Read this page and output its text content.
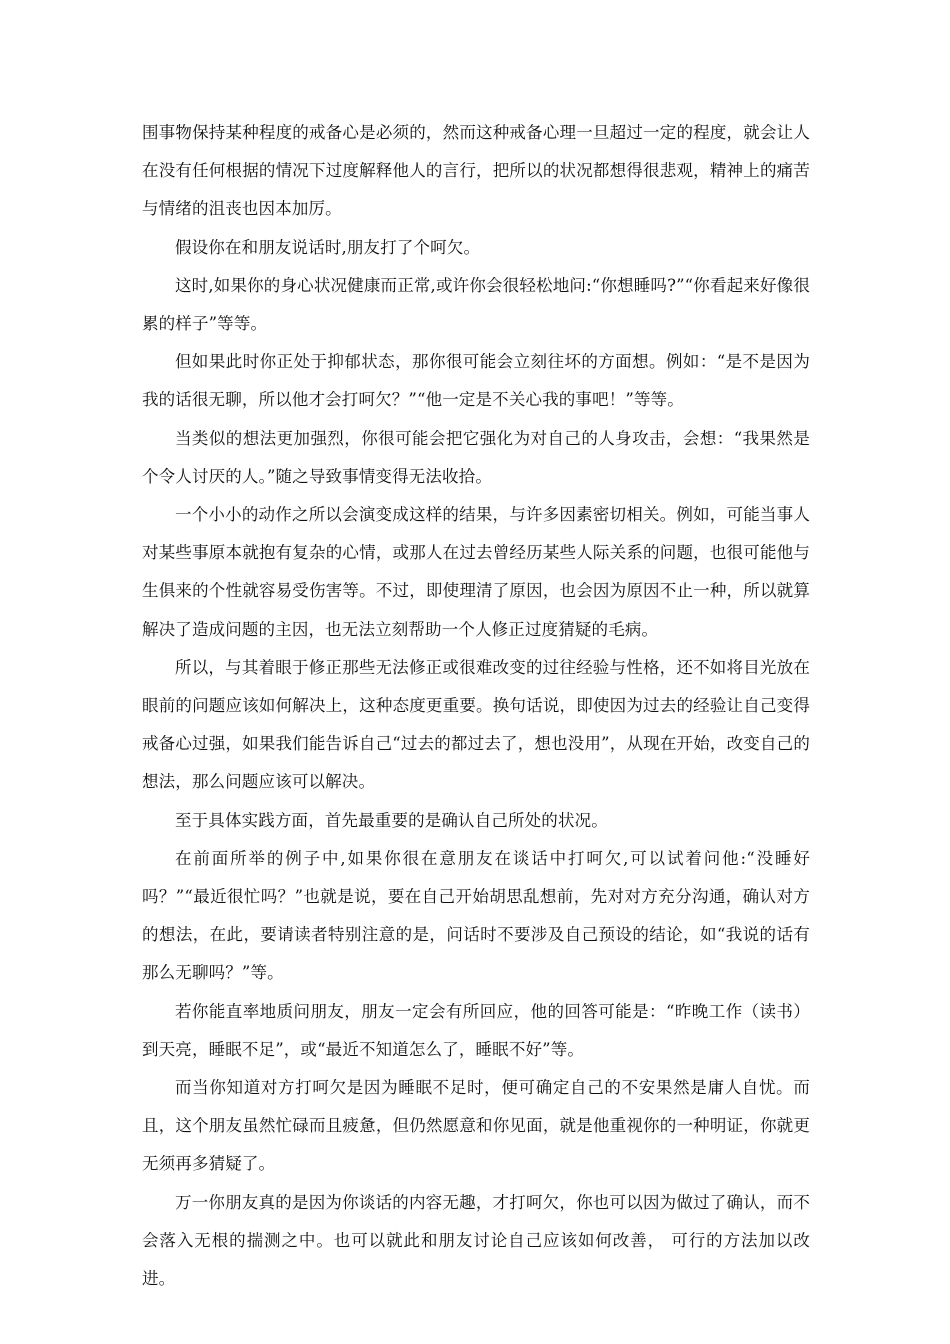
围事物保持某种程度的戒备心是必须的，然而这种戒备心理一旦超过一定的程度，就会让人在没有任何根据的情况下过度解释他人的言行，把所以的状况都想得很悲观，精神上的痛苦与情绪的沮丧也因本加厉。

假设你在和朋友说话时,朋友打了个呵欠。

这时,如果你的身心状况健康而正常,或许你会很轻松地问:“你想睡吗?”“你看起来好像很累的样子”等等。

但如果此时你正处于抑郁状态，那你很可能会立刻往坏的方面想。例如：“是不是因为我的话很无聊，所以他才会打呵欠？”“他一定是不关心我的事吧！”等等。

当类似的想法更加强烈，你很可能会把它强化为对自己的人身攻击，会想：“我果然是个令人讨厌的人。”随之导致事情变得无法收拾。

一个小小的动作之所以会演变成这样的结果，与许多因素密切相关。例如，可能当事人对某些事原本就抱有复杂的心情，或那人在过去曾经历某些人际关系的问题，也很可能他与生俱来的个性就容易受伤害等。不过，即使理清了原因，也会因为原因不止一种，所以就算解决了造成问题的主因，也无法立刻帮助一个人修正过度猜疑的毛病。

所以，与其着眼于修正那些无法修正或很难改变的过往经验与性格，还不如将目光放在眼前的问题应该如何解决上，这种态度更重要。换句话说，即使因为过去的经验让自己变得戒备心过强，如果我们能告诉自己“过去的都过去了，想也没用”，从现在开始，改变自己的想法，那么问题应该可以解决。

至于具体实践方面，首先最重要的是确认自己所处的状况。

在前面所举的例子中,如果你很在意朋友在谈话中打呵欠,可以试着问他:“没睡好吗？”“最近很忙吗？”也就是说，要在自己开始胡思乱想前，先对对方充分沟通，确认对方的想法，在此，要请读者特别注意的是，问话时不要涉及自己预设的结论，如“我说的话有那么无聊吗？”等。

若你能直率地质问朋友，朋友一定会有所回应，他的回答可能是：“昨晚工作（读书）到天亮，睡眠不足”，或“最近不知道怎么了，睡眠不好”等。

而当你知道对方打呵欠是因为睡眠不足时，便可确定自己的不安果然是庸人自忧。而且，这个朋友虽然忙碌而且疲惫，但仍然愿意和你见面，就是他重视你的一种明证，你就更无须再多猜疑了。

万一你朋友真的是因为你谈话的内容无趣，才打呵欠，你也可以因为做过了确认，而不会落入无根的揣测之中。也可以就此和朋友讨论自己应该如何改善， 可行的方法加以改进。
